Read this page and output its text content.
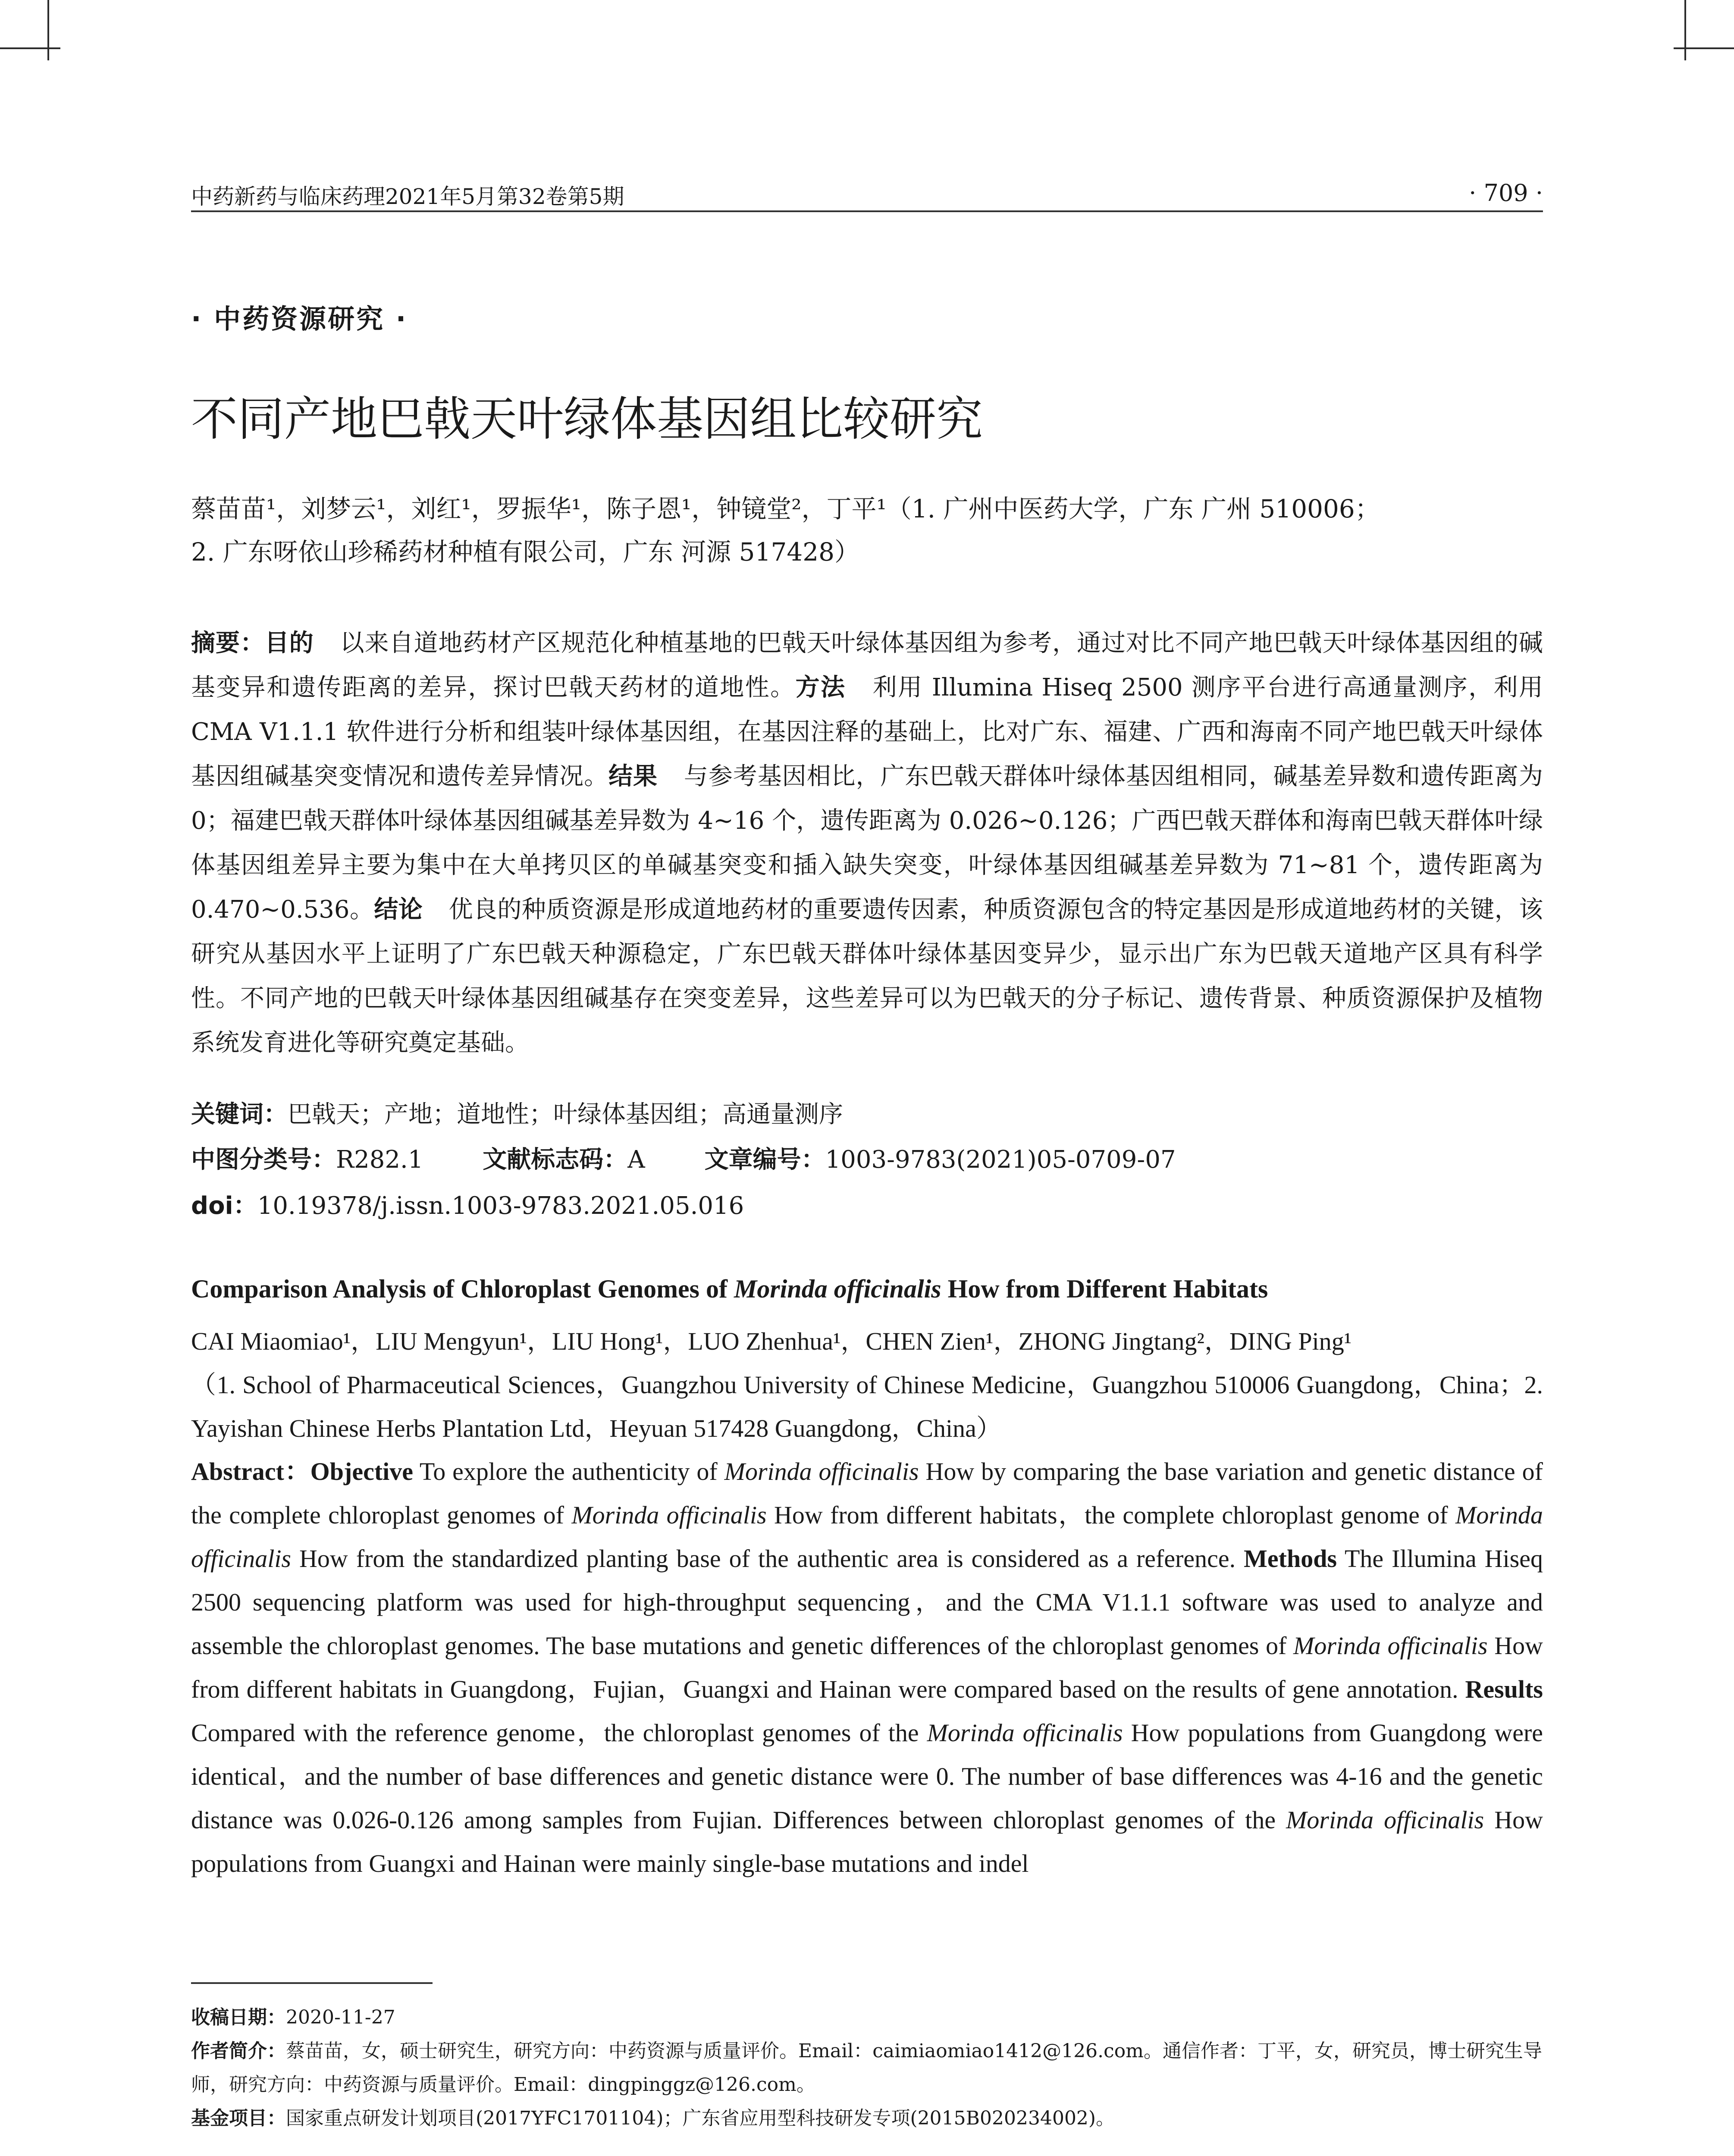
中药新药与临床药理2021年5月第32卷第5期	· 709 ·
· 中药资源研究 ·
不同产地巴戟天叶绿体基因组比较研究
蔡苗苗¹，刘梦云¹，刘红¹，罗振华¹，陈子恩¹，钟镜堂²，丁平¹（1. 广州中医药大学，广东 广州 510006；
2. 广东呀依山珍稀药材种植有限公司，广东 河源 517428）
摘要：目的 以来自道地药材产区规范化种植基地的巴戟天叶绿体基因组为参考，通过对比不同产地巴戟天叶绿体基因组的碱基变异和遗传距离的差异，探讨巴戟天药材的道地性。方法 利用 Illumina Hiseq 2500 测序平台进行高通量测序，利用 CMA V1.1.1 软件进行分析和组装叶绿体基因组，在基因注释的基础上，比对广东、福建、广西和海南不同产地巴戟天叶绿体基因组碱基突变情况和遗传差异情况。结果 与参考基因相比，广东巴戟天群体叶绿体基因组相同，碱基差异数和遗传距离为 0；福建巴戟天群体叶绿体基因组碱基差异数为 4~16 个，遗传距离为 0.026~0.126；广西巴戟天群体和海南巴戟天群体叶绿体基因组差异主要为集中在大单拷贝区的单碱基突变和插入缺失突变，叶绿体基因组碱基差异数为 71~81 个，遗传距离为 0.470~0.536。结论 优良的种质资源是形成道地药材的重要遗传因素，种质资源包含的特定基因是形成道地药材的关键，该研究从基因水平上证明了广东巴戟天种源稳定，广东巴戟天群体叶绿体基因变异少，显示出广东为巴戟天道地产区具有科学性。不同产地的巴戟天叶绿体基因组碱基存在突变差异，这些差异可以为巴戟天的分子标记、遗传背景、种质资源保护及植物系统发育进化等研究奠定基础。
关键词：巴戟天；产地；道地性；叶绿体基因组；高通量测序
中图分类号：R282.1 文献标志码：A 文章编号：1003-9783(2021)05-0709-07
doi：10.19378/j.issn.1003-9783.2021.05.016
Comparison Analysis of Chloroplast Genomes of Morinda officinalis How from Different Habitats
CAI Miaomiao¹，LIU Mengyun¹，LIU Hong¹，LUO Zhenhua¹，CHEN Zien¹，ZHONG Jingtang²，DING Ping¹
（1. School of Pharmaceutical Sciences，Guangzhou University of Chinese Medicine，Guangzhou 510006 Guangdong，China；2. Yayishan Chinese Herbs Plantation Ltd，Heyuan 517428 Guangdong，China）
Abstract：Objective To explore the authenticity of Morinda officinalis How by comparing the base variation and genetic distance of the complete chloroplast genomes of Morinda officinalis How from different habitats，the complete chloroplast genome of Morinda officinalis How from the standardized planting base of the authentic area is considered as a reference. Methods The Illumina Hiseq 2500 sequencing platform was used for high-throughput sequencing，and the CMA V1.1.1 software was used to analyze and assemble the chloroplast genomes. The base mutations and genetic differences of the chloroplast genomes of Morinda officinalis How from different habitats in Guangdong，Fujian，Guangxi and Hainan were compared based on the results of gene annotation. Results Compared with the reference genome，the chloroplast genomes of the Morinda officinalis How populations from Guangdong were identical，and the number of base differences and genetic distance were 0. The number of base differences was 4-16 and the genetic distance was 0.026-0.126 among samples from Fujian. Differences between chloroplast genomes of the Morinda officinalis How populations from Guangxi and Hainan were mainly single-base mutations and indel
收稿日期：2020-11-27
作者简介：蔡苗苗，女，硕士研究生，研究方向：中药资源与质量评价。Email：caimiaomiao1412@126.com。通信作者：丁平，女，研究员，博士研究生导师，研究方向：中药资源与质量评价。Email：dingpinggz@126.com。
基金项目：国家重点研发计划项目(2017YFC1701104)；广东省应用型科技研发专项(2015B020234002)。
